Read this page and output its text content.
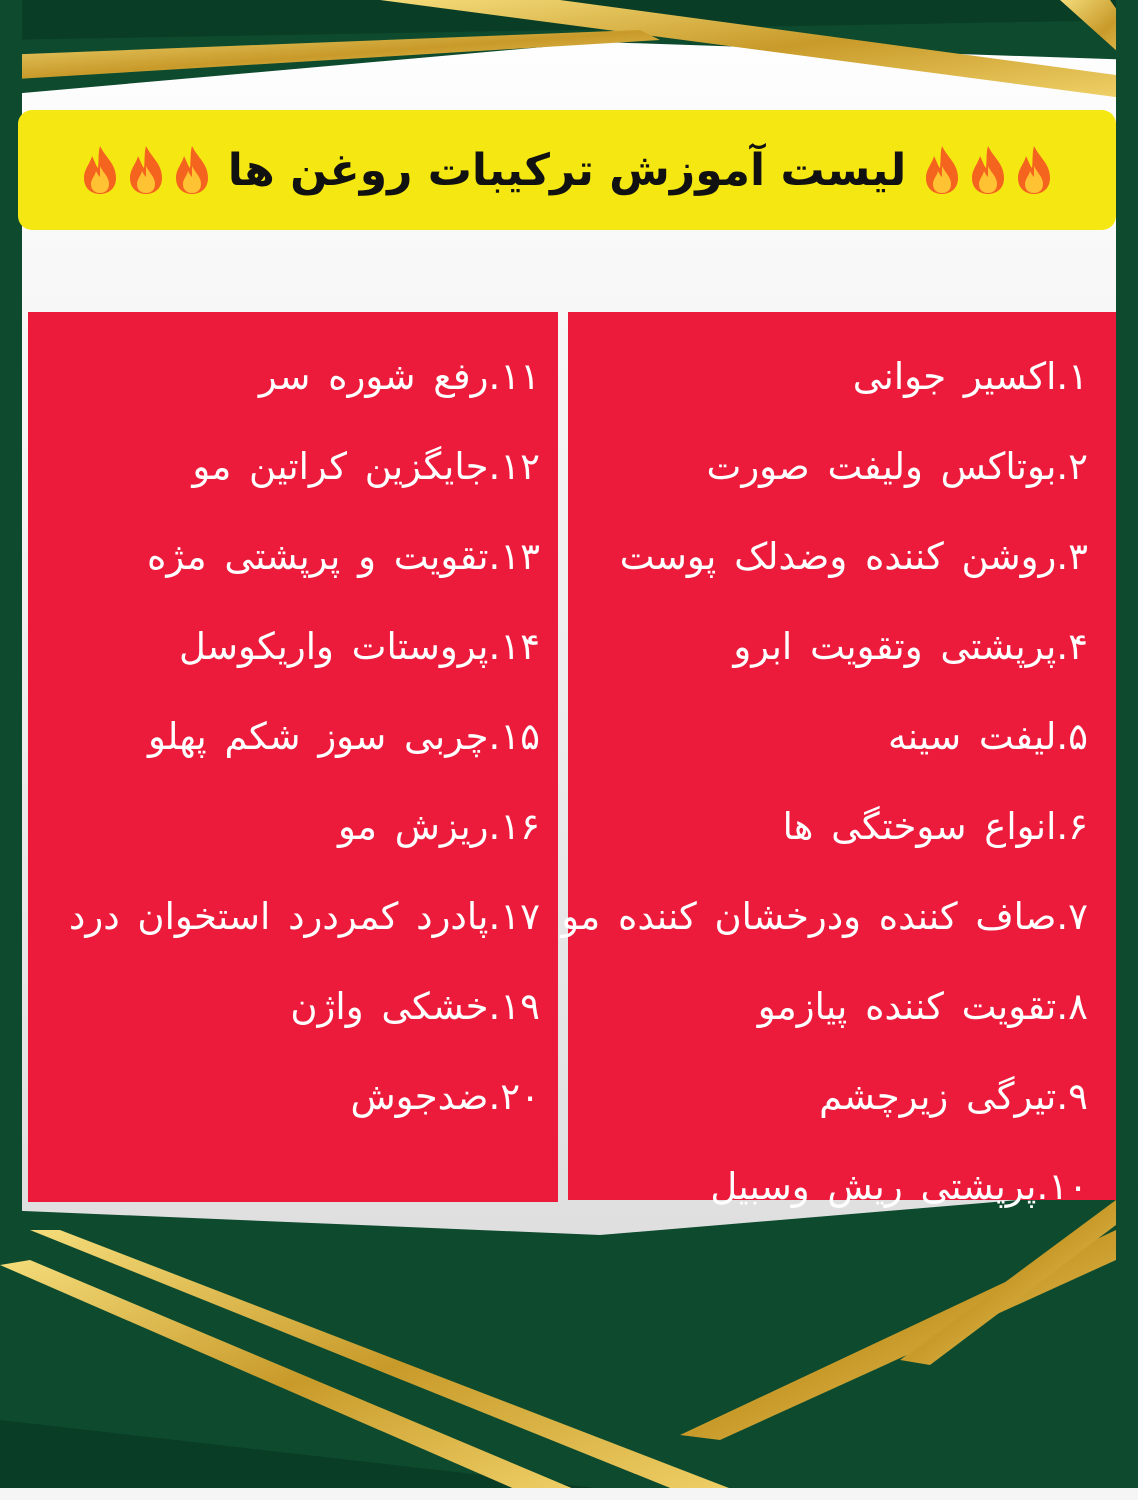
لیست آموزش ترکیبات روغن ها
۱.اکسیر جوانی
۲.بوتاکس ولیفت صورت
۳.روشن کننده وضدلک پوست
۴.پرپشتی وتقویت ابرو
۵.لیفت سینه
۶.انواع سوختگی ها
۷.صاف کننده ودرخشان کننده مو
۸.تقویت کننده پیازمو
۹.تیرگی زیرچشم
۱۰.پرپشتی ریش وسبیل
۱۱.رفع شوره سر
۱۲.جایگزین کراتین مو
۱۳.تقویت و پرپشتی مژه
۱۴.پروستات واریکوسل
۱۵.چربی سوز شکم پهلو
۱۶.ریزش مو
۱۷.پادرد کمردرد استخوان درد
۱۹.خشکی واژن
۲۰.ضدجوش
